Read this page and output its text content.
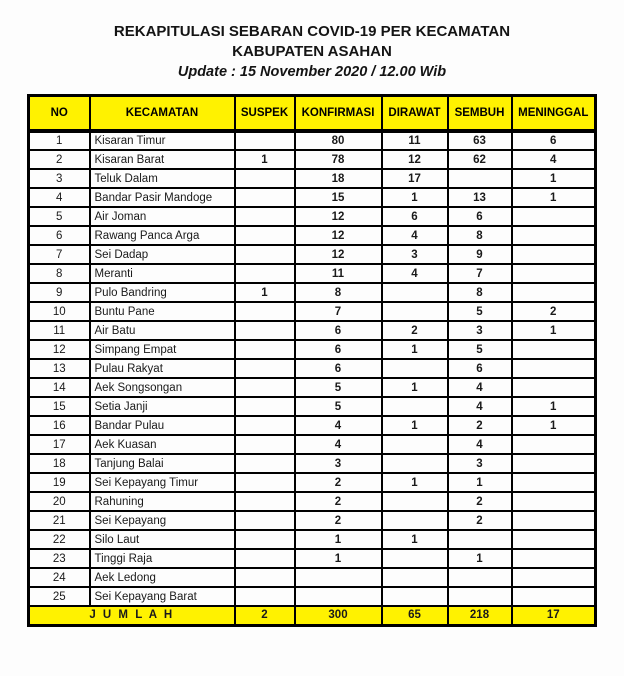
REKAPITULASI SEBARAN COVID-19 PER KECAMATAN
KABUPATEN ASAHAN
Update : 15 November 2020 / 12.00 Wib
NO	KECAMATAN	SUSPEK	KONFIRMASI	DIRAWAT	SEMBUH	MENINGGAL
1	Kisaran Timur		80	11	63	6
2	Kisaran Barat	1	78	12	62	4
3	Teluk Dalam		18	17		1
4	Bandar Pasir Mandoge		15	1	13	1
5	Air Joman		12	6	6	
6	Rawang Panca Arga		12	4	8	
7	Sei Dadap		12	3	9	
8	Meranti		11	4	7	
9	Pulo Bandring	1	8		8	
10	Buntu Pane		7		5	2
11	Air Batu		6	2	3	1
12	Simpang Empat		6	1	5	
13	Pulau Rakyat		6		6	
14	Aek Songsongan		5	1	4	
15	Setia Janji		5		4	1
16	Bandar Pulau		4	1	2	1
17	Aek Kuasan		4		4	
18	Tanjung Balai		3		3	
19	Sei Kepayang Timur		2	1	1	
20	Rahuning		2		2	
21	Sei Kepayang		2		2	
22	Silo Laut		1	1		
23	Tinggi Raja		1		1	
24	Aek Ledong					
25	Sei Kepayang Barat					
J U M L A H		2	300	65	218	17
